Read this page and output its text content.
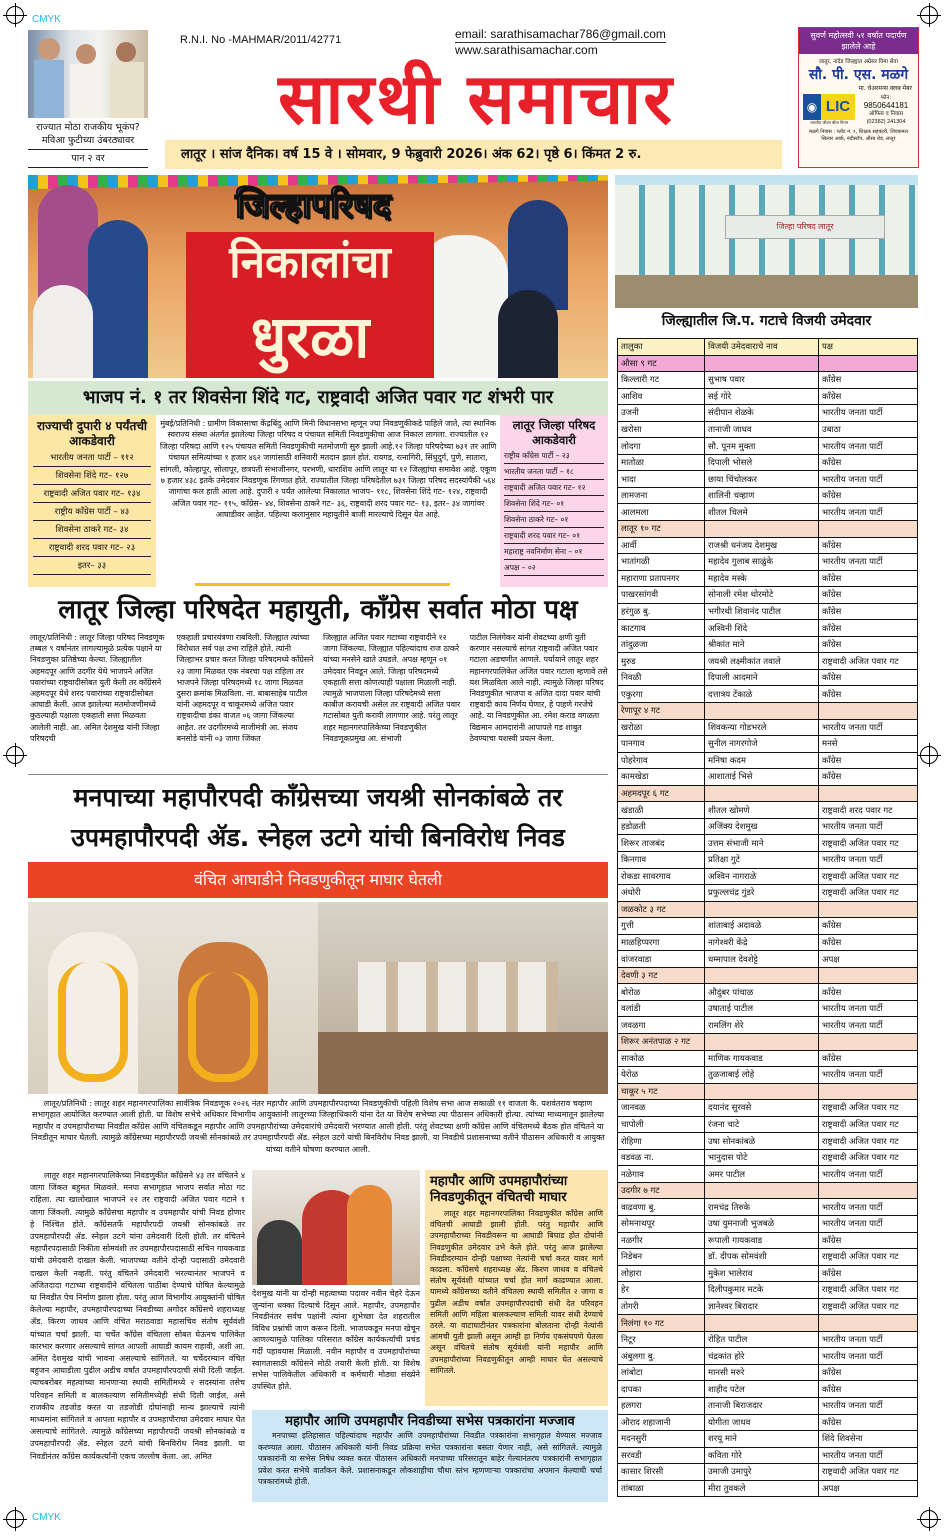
CMYK
CMYK
राज्यात मोठा राजकीय भूकंप?
मविआ फुटीच्या उंबरठ्यावर
पान २ वर
R.N.I. No -MAHMAR/2011/42771	email: sarathisamachar786@gmail.com
www.sarathisamachar.com
सारथी समाचार
लातूर । सांज दैनिक। वर्ष 15 वे । सोमवार, 9 फेब्रुवारी 2026। अंक 62। पृष्ठे 6। किंमत 2 रु.
सुवर्ण महोत्सवी ५१ वर्षात पदार्पण झालेले आहे
लातूर, नांदेड जिल्ह्यात अग्रेसर विमा सेवा
सौ. पी. एस. मळगे
मा. चेअरमन्स क्लब मेंबर
◉ LIC
भारतीय जीवन बीमा निगम
फोन:
9850644181
ऑफिस व निवास
(02382) 241304
मळगे निवास : प्लॉट नं. ९, शिक्षक सहकारी, शिवकमल सिल्वर आर्क, नंदीस्टॉप, औसा रोड, लातूर
जिल्हापरिषद
निकालांचा
धुरळा
जिल्हा परिषद लातूर
जिल्ह्यातील जि.प. गटाचे विजयी उमेदवार
तालुका	विजयी उमेदवाराचे नाव	पक्ष
औसा ९ गट		
किल्लारी गट	सुभाष पवार	काँग्रेस
आशिव	सई गोरे	काँग्रेस
उजनी	संदीपान शेळके	भारतीय जनता पार्टी
खरोसा	तानाजी जाधव	उबाठा
लोदगा	सौ. पूनम मुक्ता	भारतीय जनता पार्टी
मातोळा	दिपाली भोसले	काँग्रेस
भादा	छाया चिंचोलकर	भारतीय जनता पार्टी
लामजना	शालिनी चव्हाण	काँग्रेस
आलमला	शीतल चिलमे	भारतीय जनता पार्टी
लातूर १० गट		
आर्वी	राजश्री धनंजय देशमुख	काँग्रेस
भातांगळी	महादेव गुलाब साळुंके	भारतीय जनता पार्टी
महाराणा प्रतापनगर	महादेव मस्के	काँग्रेस
पाखरसांगवी	सोनाली रमेश थोरमोटे	काँग्रेस
हरंगुळ बु.	भगीरथी शिवानंद पाटील	काँग्रेस
काटगाव	अश्विनी शिंदे	काँग्रेस
तांदुळजा	श्रीकांत माने	काँग्रेस
मुरुड	जयश्री लक्ष्मीकांत तवाले	राष्ट्रवादी अजित पवार गट
निवळी	दिपाली आदमाने	काँग्रेस
एकुरगा	दत्तात्रय टेंकाळे	काँग्रेस
रेणापूर ४ गट		
खरोळा	शिवकन्या गोडभरले	भारतीय जनता पार्टी
पानगाव	सुनील नागरगोजे	मनसे
पोहरेगाव	मनिषा कदम	काँग्रेस
कामखेडा	आशाताई भिसे	काँग्रेस
अहमदपूर ६ गट		
खंडाळी	शीतल खोमणे	राष्ट्रवादी शरद पवार गट
हडोळती	अजिंक्य देशमुख	भारतीय जनता पार्टी
शिरूर ताजबंद	उत्तम संभाजी माने	राष्ट्रवादी अजित पवार गट
किनगाव	प्रतिक्षा गुटे	भारतीय जनता पार्टी
रोकडा सावरगाव	अश्विन नागराळे	राष्ट्रवादी अजित पवार गट
अंधोरी	प्रफुल्लचंद्र गुंडरे	राष्ट्रवादी अजित पवार गट
जळकोट ३ गट		
गुत्ती	शांताबाई अदावळे	काँग्रेस
माळहिप्परगा	नागेश्वरी केंद्रे	काँग्रेस
वांजरवाडा	धम्मापाल देवशेट्टे	अपक्ष
देवणी ३ गट		
बोरोळ	औदुंबर पांचाळ	काँग्रेस
वलांडी	उषाताई पाटील	भारतीय जनता पार्टी
जवळगा	रामलिंग शेरे	भारतीय जनता पार्टी
शिरूर अनंतपाळ २ गट		
साकोळ	माणिक गायकवाड	काँग्रेस
येरोळ	तुळजाबाई लोहे	भारतीय जनता पार्टी
चाकूर ५ गट		
जानवळ	दयानंद सुरवसे	राष्ट्रवादी अजित पवार गट
चापोली	रंजना चाटे	राष्ट्रवादी अजित पवार गट
रोहिणा	उषा सोनकांबळे	राष्ट्रवादी अजित पवार गट
वडवळ ना.	भानुदास पोटे	राष्ट्रवादी अजित पवार गट
नळेगाव	अमर पाटील	भारतीय जनता पार्टी
उदगीर ७ गट		
वाढवणा बु.	रामचंद्र तिरुके	भारतीय जनता पार्टी
सोमनाथपूर	उषा युमनाजी भुजबळे	भारतीय जनता पार्टी
नळगीर	रूपाली गायकवाड	काँग्रेस
निडेबन	डॉ. दीपक सोमवंशी	राष्ट्रवादी अजित पवार गट
लोहारा	मुकेश भालेराव	काँग्रेस
हेर	दिलीपकुमार मटके	राष्ट्रवादी अजित पवार गट
तोगरी	ज्ञानेश्वर बिरादार	राष्ट्रवादी अजित पवार गट
निलंगा १० गट		
निटूर	रोहित पाटील	भारतीय जनता पार्टी
अंबुलगा बु.	चंद्रकांत होरे	भारतीय जनता पार्टी
लांबोटा	मानसी मरुरे	काँग्रेस
दापका	शाहीद पटेल	काँग्रेस
हलगरा	तानाजी बिराजदार	भारतीय जनता पार्टी
औराद शहाजानी	योगीता जाधव	काँग्रेस
मदनसुरी	शरयू माने	शिंदे शिवसेना
सरवडी	कविता गोरे	भारतीय जनता पार्टी
कासार शिरसी	उमाजी उमापुरे	राष्ट्रवादी अजित पवार गट
तांबाळा	मीरा तुवकले	अपक्ष
भाजप नं. १ तर शिवसेना शिंदे गट, राष्ट्रवादी अजित पवार गट शंभरी पार
राज्याची दुपारी ४ पर्यंतची आकडेवारी
भारतीय जनता पार्टी – ११२
शिवसेना शिंदे गट– १२७
राष्ट्रवादी अजित पवार गट– १३४
राष्ट्रीय काँग्रेस पार्टी – ४३
शिवसेना ठाकरे गट– ३४
राष्ट्रवादी शरद पवार गट– २३
इतर– ३३
मुंबई/प्रतिनिधी : ग्रामीण विकासाचा केंद्रबिंदु आणि मिनी विधानसभा म्हणून ज्या निवडणुकीकडे पाहिले जाते, त्या स्थानिक स्वराज्य संस्था अंतर्गत झालेल्या जिल्हा परिषद व पंचायत समिती निवडणुकीचा आज निकाल लागला. राज्यातील १२ जिल्हा परिषदा आणि १२५ पंचायत समिती निवडणुकीची मतमोजणी सुरु झाली आहे.१२ जिल्हा परिषदेच्या ७३१ तर आणि पंचायत समित्यांच्या १ हजार ४६२ जागांसाठी शनिवारी मतदान झालं होतं. रायगड, रत्नागिरी, सिंधुदुर्ग, पुणे, सातारा, सांगली, कोल्हापूर, सोलापूर, छत्रपती संभाजीनगर, परभणी, धाराशिव आणि लातूर या १२ जिल्ह्यांचा समावेश आहे. एकूण ७ हजार ४३८ इतके उमेदवार निवडणूक रिंगणात होते. राज्यातील जिल्हा परिषदेतील ७३१ जिल्हा परिषद सदस्यांपैकी ५६४ जागांचा कल हाती आला आहे. दुपारी २ पर्यंत आलेल्या निकालात भाजप– ११८, शिवसेना शिंदे गट– १२४, राष्ट्रवादी अजित पवार गट– ११५, काँग्रेस– ४४, शिवसेना ठाकरे गट– ३६, राष्ट्रवादी शरद पवार गट– १३, इतर– ३४ जागांवर आघाडीवर आहेत. पहिल्या कलानुसार महायुतीने बाजी मारल्याचे दिसून येत आहे.
लातूर जिल्हा परिषद आकडेवारी
राष्ट्रीय काँग्रेस पार्टी – २३
भारतीय जनता पार्टी – १८
राष्ट्रवादी अजित पवार गट– १२
शिवसेना शिंदे गट– ०१
शिवसेना ठाकरे गट– ०१
राष्ट्रवादी शरद पवार गट– ०१
महाराष्ट्र नवनिर्माण सेना – ०१
अपक्ष – ०२
लातूर जिल्हा परिषदेत महायुती, काँग्रेस सर्वात मोठा पक्ष
लातूर/प्रतिनिधी : लातूर जिल्हा परिषद निवडणूक तब्बल ९ वर्षानंतर लागल्यामुळे प्रत्येक पक्षाने या निवडणुका प्रतिष्ठेच्या केल्या. जिल्ह्यातील अहमदपूर आणि उदगीर येथे भाजपने अजित पवारांच्या राष्ट्रवादीसोबत युती केली तर काँग्रेसने अहमदपूर येथे शरद पवारांच्या राष्ट्रवादीसोबत आघाडी केली. आज झालेल्या मतमोजणीमध्ये कुठल्याही पक्षाला एकहाती सत्ता मिळवता आलेली नाही. आ. अमित देशमुख यांनी जिल्हा परिषदची
एकहाती प्रचारयंत्रणा राबविली. जिल्ह्यात त्यांच्या विरोधात सर्व पक्ष उभा राहिले होते. त्यांनी जिल्हाभर प्रचार करत जिल्हा परिषदमध्ये काँग्रेसने २३ जागा मिळवत एक नंबरचा पक्ष राहिला तर भाजपने जिल्हा परिषदमध्ये १८ जागा मिळवत दुसरा क्रमांक मिळविला. ना. बाबासाहेब पाटील यांनी अहमदपूर व चाकूरमध्ये अजित पवार राष्ट्रवादीचा डंका वाजत ०६ जागा जिंकल्या आहेत. तर उदगीरमध्ये माजीमंत्री आ. संजय बनसोडे यांनी ०३ जागा जिंकत
जिल्ह्यात अजित पवार गटाच्या राष्ट्रवादीने १२ जागा जिंकल्या. जिल्ह्यात पहिल्यांदाच राज ठाकरे यांच्या मनसेने खाते उघडले. अपक्ष म्हणून ०१ उमेदवार निवडून आले. जिल्हा परिषदमध्ये एकहाती सत्ता कोणत्याही पक्षाला मिळाली नाही. त्यामुळे भाजपाला जिल्हा परिषदेमध्ये सत्ता काबीज करायची असेल तर राष्ट्रवादी अजित पवार गटासोबत युती करावी लागणार आहे. परंतु लातूर शहर महानगरपालिकेच्या निवडणुकीत निवडणूकप्रमुख आ. संभाजी
पाटील निलंगेकर यांनी शेवटच्या क्षणी युती करणार नसल्याचे सांगत राष्ट्रवादी अजित पवार गटाला अडचणीत आणले. पर्यायाने लातूर शहर महानगरपालिकेत अजित पवार गटाला म्हणावे तसे यश मिळविता आले नाही. त्यामुळे जिल्हा परिषद निवडणुकीत भाजपा व अजित दादा पवार यांची राष्ट्रवादी काय निर्णय घेणार, हे पाहणे गरजेचे आहे. या निवडणुकीत आ. रमेश कराड वगळता विद्यमान आमदारांनी आपापले गड शाबुत ठेवण्याचा यशस्वी प्रयत्न केला.
मनपाच्या महापौरपदी काँग्रेसच्या जयश्री सोनकांबळे तर
उपमहापौरपदी ॲड. स्नेहल उटगे यांची बिनविरोध निवड
वंचित आघाडीने निवडणुकीतून माघार घेतली
लातूर/प्रतिनिधी : लातूर शहर महानगरपालिका सार्वत्रिक निवडणूक २०२६ नंतर महापौर आणि उपमहापौरपदाच्या निवडणुकीची पहिली विशेष सभा आज सकाळी ११ वाजता कै. यशवंतराव चव्हाण सभागृहात आयोजित करण्यात आली होती. या विशेष सभेचे अधिकार विभागीय आयुक्तांनी लातूरच्या जिल्हाधिकारी यांना देत या विशेष सभेच्या त्या पीठासन अधिकारी होत्या. त्यांच्या माध्यमातून झालेल्या महापौर व उपमहापौराच्या निवडीत काँग्रेस आणि वंचितकडून महापौर आणि उपमहापौरांच्या उमेदवारांचे उमेदवारी भरण्यात आली होती. परंतु शेवटच्या क्षणी काँग्रेस आणि वंचितमध्ये बैठक होत वंचितने या निवडीतून माघार घेतली. त्यामुळे काँग्रेसच्या महापौरपदी जयश्री सोनकांबळे तर उपमहापौरपदी ॲड. स्नेहल उटगे यांची बिनविरोध निवड झाली. या निवडीचे प्रशासनाच्या वतीने पीठासन अधिकारी व आयुक्त यांच्या वतीने घोषणा करण्यात आली.
लातूर शहर महानगरपालिकेच्या निवडणुकीत काँग्रेसने ४३ तर वंचितने ४ जागा जिंकत बहुमत मिळवले. मनपा सभागृहात भाजप सर्वात मोठा गट राहिला. त्या खालोखाल भाजपने २२ तर राष्ट्रवादी अजित पवार गटाने १ जागा जिंकली. त्यामुळे काँग्रेसचा महापौर व उपमहापौर यांची निवड होणार हे निश्चित होते. काँग्रेसतर्फे महापौरपदी जयश्री सोनकांबळे तर उपमहापौरपदी ॲड. स्नेहल उटगे यांना उमेदवारी दिली होती. तर वंचितने महापौरपदासाठी निकीता सोमवंशी तर उपमहापौरपदासाठी सचिन गायकवाड यांची उमेदवारी दाखल केली. भाजपच्या वतीने दोन्ही पदासाठी उमेदवारी दाखल केली नव्हती. परंतु वंचितने उमेदवारी भरल्यानंतर भाजपने व अजितदादा गटाच्या राष्ट्रवादीने वंचितला पाठींबा देण्याचे घोषित केल्यामुळे या निवडीत पेच निर्माण झाला होता. परंतु आज विभागीय आयुक्तांनी घोषित केलेल्या महापौर, उपमहापौरपदाच्या निवडीच्या अगोदर काँग्रेसचे शहराध्यक्ष ॲड. किरण जाधव आणि वंचित मराठवाडा महासचिव संतोष सूर्यवंशी यांच्यात चर्चा झाली. या चर्चेत काँग्रेस वंचितला सोबत घेऊनच पालिकेत कारभार करणार असल्याचे सांगत आपली आघाडी कायम राहावी, अशी आ. अमित देशमुख यांची भावना असल्याचे सांगितले. या चर्चेदरम्यान वंचित बहुजन आघाडीला पुढील अडीच वर्षांत उपमहापौरपदाची संधी दिली जाईल. त्याचबरोबर महत्वाच्या मानणाऱ्या स्थायी समितीमध्ये २ सदस्यांना तसेच परिवहन समिती व बालकल्याण समितीमध्येही संधी दिली जाईल, असे राजकीय तडजोड करत या तडजोडी दोघांनाही मान्य झाल्याचे त्यांनी माध्यमांना सांगितले व आपला महापौर व उपमहापौराचा उमेदवार माघार घेत असल्याचे सांगितले. त्यामुळे काँग्रेसच्या महापौरपदी जयश्री सोनकांबळे व उपमहापौरपदी ॲड. स्नेहल उटगे यांची बिनविरोध निवड झाली. या निवडीनंतर काँग्रेस कार्यकर्त्यांनी एकच जल्लोष केला. आ. अमित
देशमुख यांनी या दोन्ही महत्वाच्या पदावर नवीन चेहरे देऊन जुन्यांना धक्का दिल्याचे दिसून आले. महापौर, उपमहापौर निवडीनंतर सर्वच पक्षांनी त्यांना शुभेच्छा देत शहरातील विविध प्रश्नांची जाण करून दिली. भाजपकडून मनपा खेचून आणल्यामुळे पालिका परिसरात काँग्रेस कार्यकर्त्यांची प्रचंड गर्दी पहावयास मिळाली. नवीन महापौर व उपमहापौरांच्या स्वागतासाठी काँग्रेसने मोठी तयारी केली होती. या विशेष सभेस पालिकेतील अधिकारी व कर्मचारी मोठ्या संख्येने उपस्थित होते.
महापौर आणि उपमहापौरांच्या निवडणुकीतून वंचितची माघार
लातूर शहर महानगरपालिका निवडणुकीत काँग्रेस आणि वंचितची आघाडी झाली होती. परंतु महापौर आणि उपमहापौराच्या निवडीवरून या आघाडी बिघाड होत दोघांनी निवडणुकीत उमेदवार उभे केले होते. परंतु आज झालेल्या निवडीदरम्यान दोन्ही पक्षाच्या नेत्यांनी चर्चा करत यावर मार्ग काढला. काँग्रेसचे शहराध्यक्ष ॲड. किरण जाधव व वंचितचे संतोष सूर्यवंशी यांच्यात चर्चा होत मार्ग काढण्यात आला. यामध्ये काँग्रेसच्या वतीने वंचितला स्थायी समितीत २ जागा व पुढील अडीच वर्षांत उपमहापौरपदाची संधी देत परिवहन समिती आणि महिला बालकल्याण समिती यावर संधी देण्याचे ठरले. या वाटाघाटीनंतर पत्रकारांना बोलताना दोन्ही नेत्यांनी आमची युती झाली असून आम्ही हा निर्णय एकसंघपणे घेतला असून वंचितचे संतोष सूर्यवंशी यांनी महापौर आणि उपमहापौरांच्या निवडणुकीतून आम्ही माघार घेत असल्याचे सांगितले.
महापौर आणि उपमहापौर निवडीच्या सभेस पत्रकारांना मज्जाव
मनपाच्या इतिहासात पहिल्यांदाच महापौर आणि उपमहापौरांच्या निवडीत पत्रकारांना सभागृहात येण्यास मज्जाव करण्यात आला. पीठासन अधिकारी यांनी निवड प्रक्रिया सभेत पत्रकारांना बसता येणार नाही, असे सांगितले. त्यामुळे पत्रकारांनी या सभेस निषेध व्यक्त करत पीठासन अधिकारी मनपाच्या परिसरातून बाहेर गेल्यानंतरच पत्रकारांनी सभागृहात प्रवेश करत सभेचे वार्तांकन केले. प्रशासनाकडून लोकशाहीचा चौथा स्तंभ म्हणणाऱ्या पत्रकारांचा अपमान केल्याची चर्चा पत्रकारांमध्ये होती.
